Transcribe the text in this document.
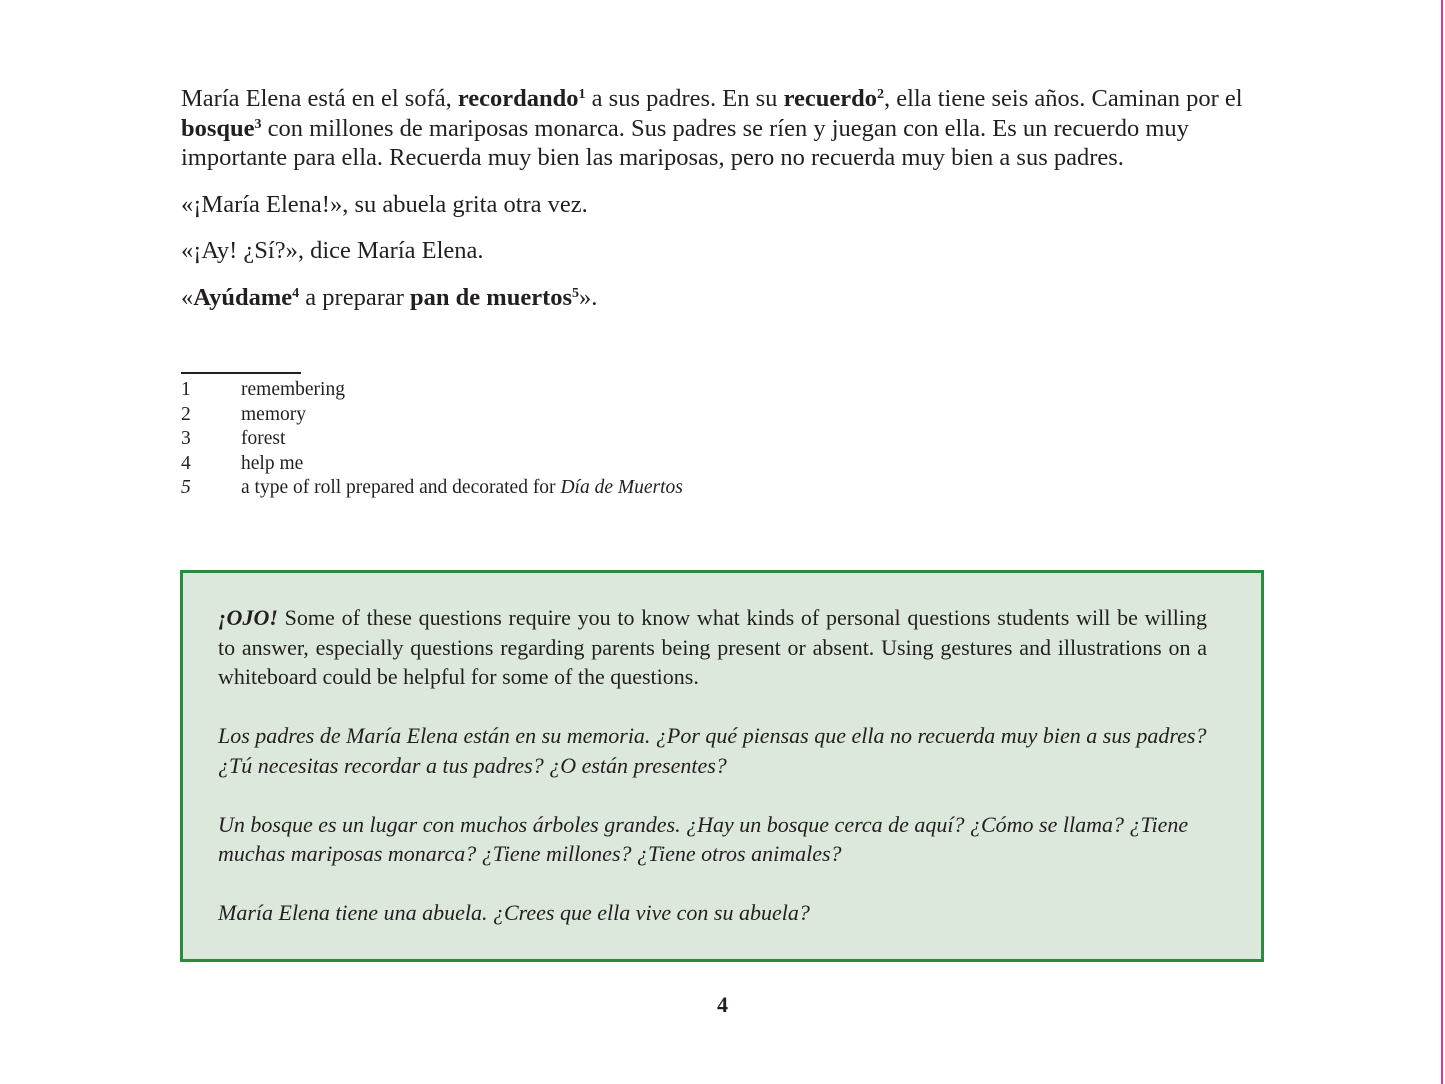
María Elena está en el sofá, recordando$^1$ a sus padres. En su recuerdo$^2$, ella tiene seis años. Caminan por el bosque$^3$ con millones de mariposas monarca. Sus padres se ríen y juegan con ella. Es un recuerdo muy importante para ella. Recuerda muy bien las mariposas, pero no recuerda muy bien a sus padres.

«¡María Elena!», su abuela grita otra vez.

«¡Ay! ¿Sí?», dice María Elena.

«Ayúdame$^4$ a preparar pan de muertos$^5$».

1	remembering
2	memory
3	forest
4	help me
5	a type of roll prepared and decorated for Día de Muertos

¡OJO! Some of these questions require you to know what kinds of personal questions students will be willing to answer, especially questions regarding parents being present or absent. Using gestures and illustrations on a whiteboard could be helpful for some of the questions.

Los padres de María Elena están en su memoria. ¿Por qué piensas que ella no recuerda muy bien a sus padres? ¿Tú necesitas recordar a tus padres? ¿O están presentes?

Un bosque es un lugar con muchos árboles grandes. ¿Hay un bosque cerca de aquí? ¿Cómo se llama? ¿Tiene muchas mariposas monarca? ¿Tiene millones? ¿Tiene otros animales?

María Elena tiene una abuela. ¿Crees que ella vive con su abuela?

4
